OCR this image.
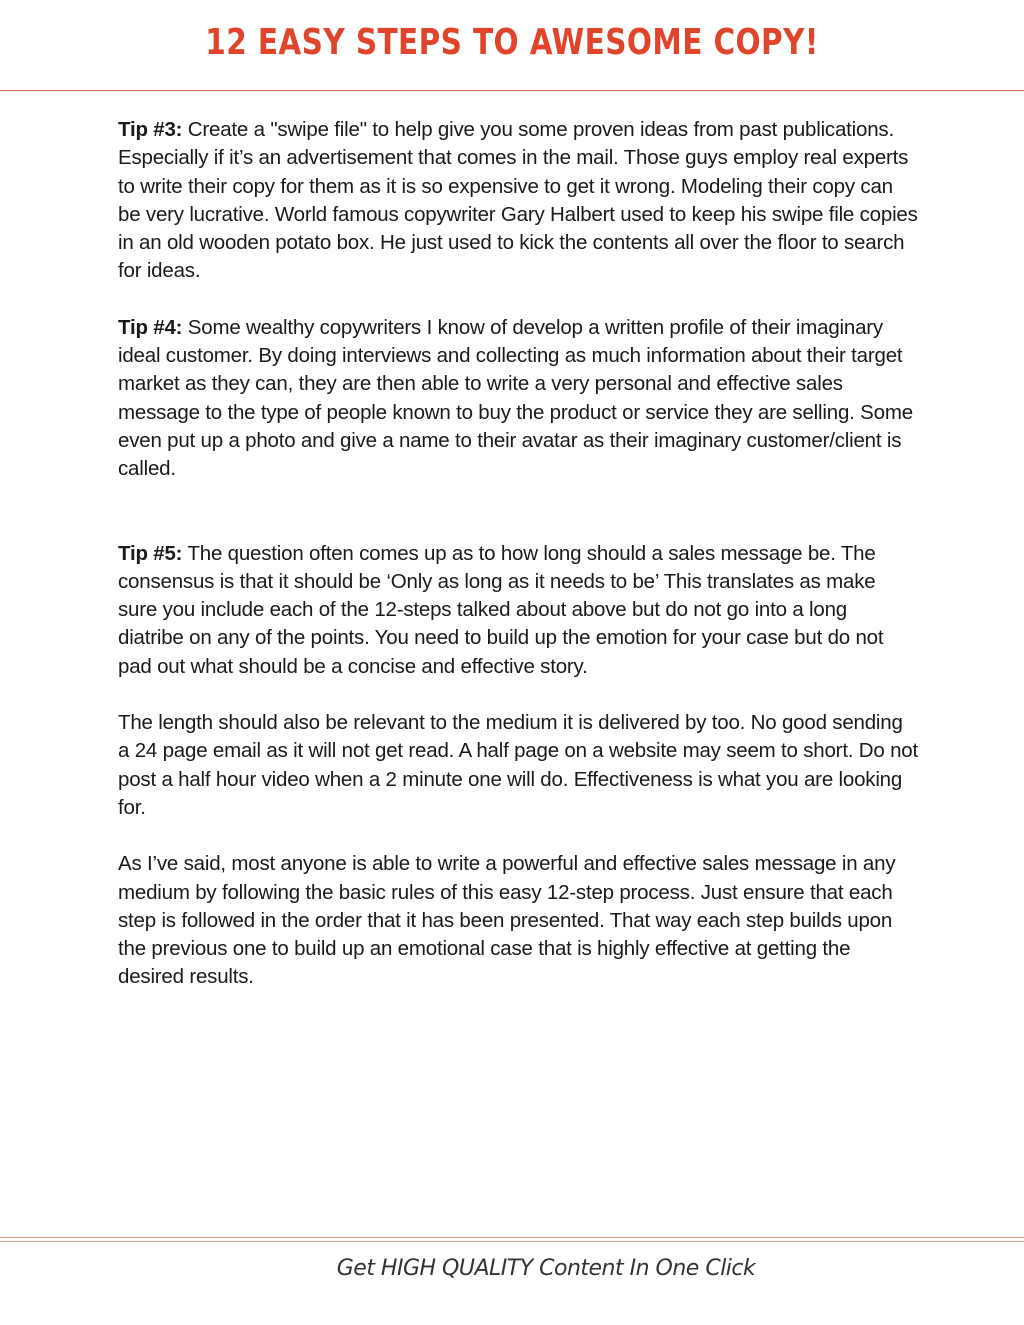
12 EASY STEPS TO AWESOME COPY!

Tip #3: Create a "swipe file" to help give you some proven ideas from past publications. Especially if it’s an advertisement that comes in the mail. Those guys employ real experts to write their copy for them as it is so expensive to get it wrong. Modeling their copy can be very lucrative. World famous copywriter Gary Halbert used to keep his swipe file copies in an old wooden potato box. He just used to kick the contents all over the floor to search for ideas.

Tip #4: Some wealthy copywriters I know of develop a written profile of their imaginary ideal customer. By doing interviews and collecting as much information about their target market as they can, they are then able to write a very personal and effective sales message to the type of people known to buy the product or service they are selling. Some even put up a photo and give a name to their avatar as their imaginary customer/client is called.

Tip #5: The question often comes up as to how long should a sales message be. The consensus is that it should be ‘Only as long as it needs to be’ This translates as make sure you include each of the 12-steps talked about above but do not go into a long diatribe on any of the points. You need to build up the emotion for your case but do not pad out what should be a concise and effective story.

The length should also be relevant to the medium it is delivered by too. No good sending a 24 page email as it will not get read. A half page on a website may seem to short. Do not post a half hour video when a 2 minute one will do. Effectiveness is what you are looking for.

As I’ve said, most anyone is able to write a powerful and effective sales message in any medium by following the basic rules of this easy 12-step process. Just ensure that each step is followed in the order that it has been presented. That way each step builds upon the previous one to build up an emotional case that is highly effective at getting the desired results.

Get HIGH QUALITY Content In One Click
